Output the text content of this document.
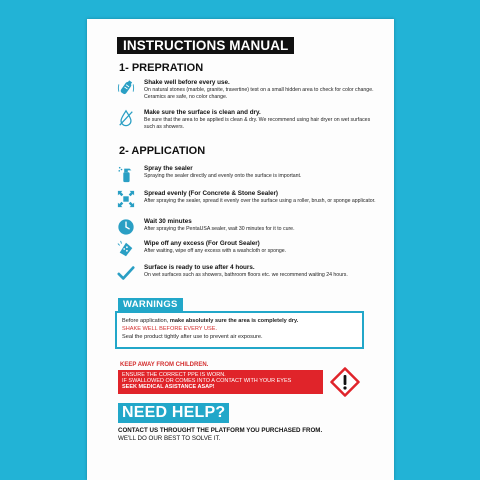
INSTRUCTIONS MANUAL
1- PREPRATION
Shake well before every use.
On natural stones (marble, granite, travertine) test on a small hidden area to check for color change. Ceramics are safe, no color change.
Make sure the surface is clean and dry.
Be sure that the area to be applied is clean & dry. We recommend using hair dryer on wet surfaces such as showers.
2- APPLICATION
Spray the sealer
Spraying the sealer directly and evenly onto the surface is important.
Spread evenly (For Concrete & Stone Sealer)
After spraying the sealer, spread it evenly over the surface using a roller, brush, or sponge applicator.
Wait 30 minutes
After spraying the PentaUSA sealer, wait 30 minutes for it to cure.
Wipe off any excess (For Grout Sealer)
After waiting, wipe off any excess with a washcloth or sponge.
Surface is ready to use after 4 hours.
On wet surfaces such as showers, bathroom floors etc. we recommend waiting 24 hours.
WARNINGS
Before application, make absolutely sure the area is completely dry.
SHAKE WELL BEFORE EVERY USE.
Seal the product tightly after use to prevent air exposure.
KEEP AWAY FROM CHILDREN.
ENSURE THE CORRECT PPE IS WORN.
IF SWALLOWED OR COMES INTO A CONTACT WITH YOUR EYES
SEEK MEDICAL ASISTANCE ASAP!
NEED HELP?
CONTACT US THROUGHT THE PLATFORM YOU PURCHASED FROM.
WE'LL DO OUR BEST TO SOLVE IT.
